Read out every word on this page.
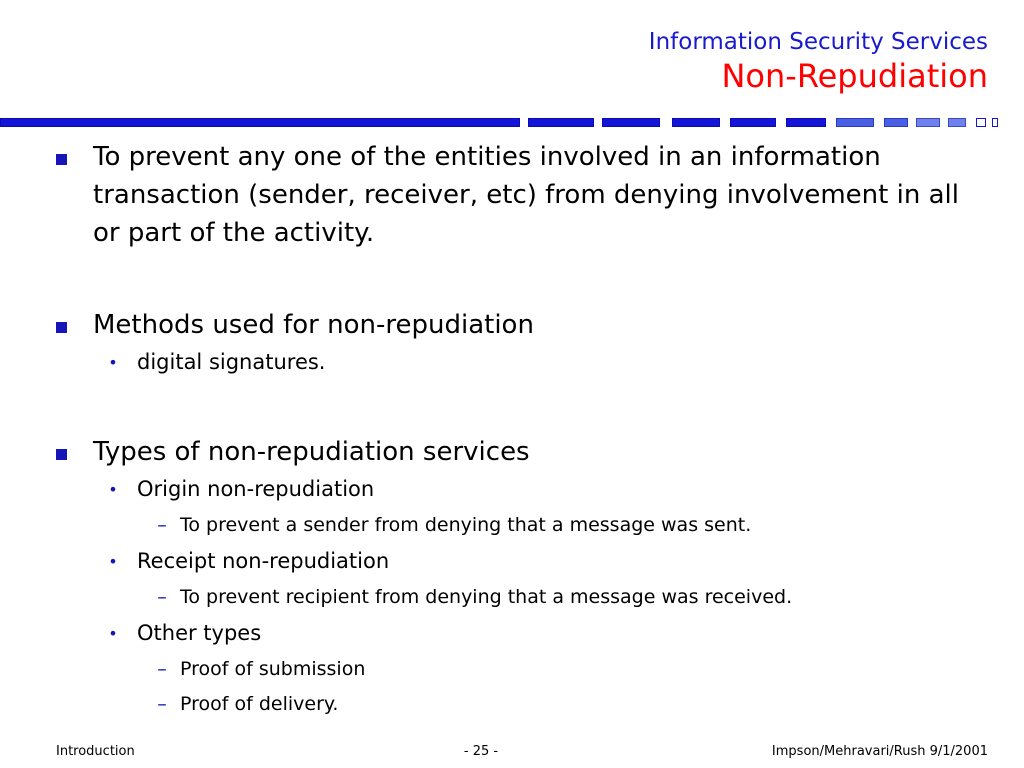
Information Security Services
Non-Repudiation
To prevent any one of the entities involved in an information transaction (sender, receiver, etc) from denying involvement in all or part of the activity.
Methods used for non-repudiation
• digital signatures.
Types of non-repudiation services
• Origin non-repudiation
– To prevent a sender from denying that a message was sent.
• Receipt non-repudiation
– To prevent recipient from denying that a message was received.
• Other types
– Proof of submission
– Proof of delivery.
Introduction	- 25 -	Impson/Mehravari/Rush 9/1/2001
